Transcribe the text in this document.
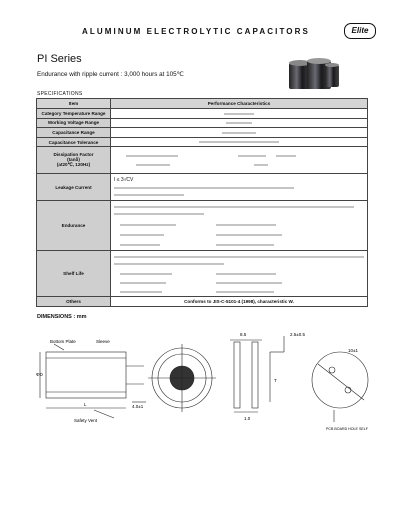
ALUMINUM ELECTROLYTIC CAPACITORS	Elite
PI Series
Endurance with ripple current : 3,000 hours at 105℃
SPECIFICATIONS
Item	Performance Characteristics
Category Temperature Range	
Working Voltage Range	
Capacitance Range	
Capacitance Tolerance	

Dissipation Factor
(tanδ)
(at20℃, 120Hz)	

Leakage Current	I ≤ 3√CV

Endurance	

Shelf Life	

Others	Conforms to JIS-C-5101-4 (1998), characteristic W.
DIMENSIONS : mm
Bottom Plate	Sleeve
Safety Vent
L
ΦD
4.0±1
8.5
1.0
2.5±0.5
10±1
T
PCB BOARD HOLE SELF
